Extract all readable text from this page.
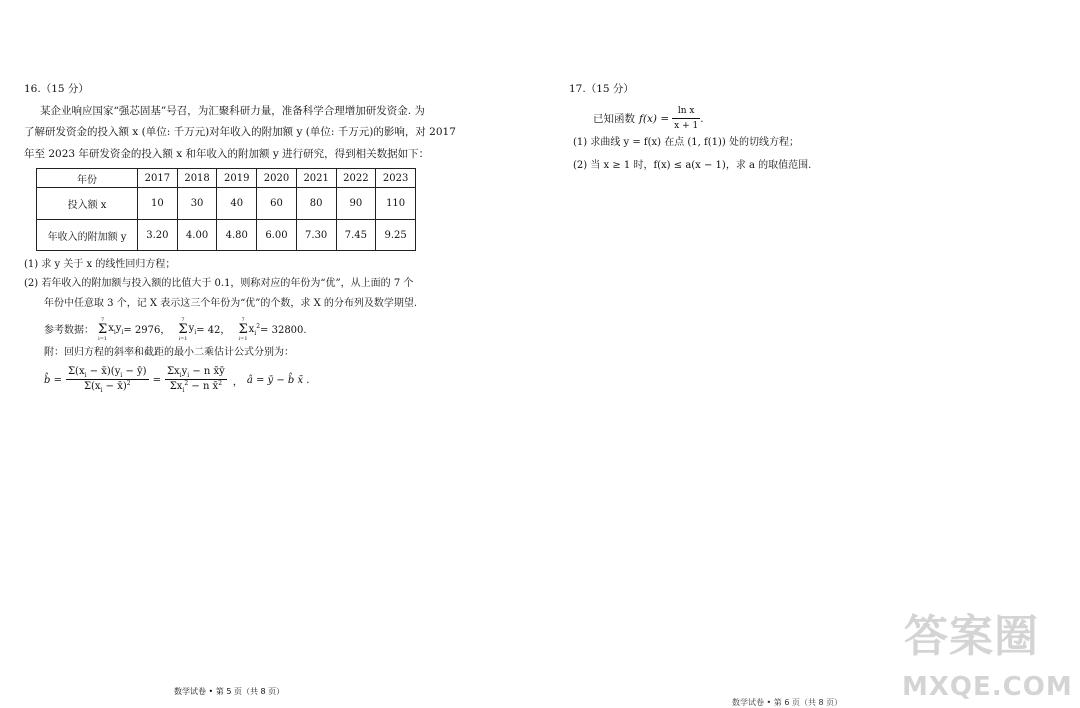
16.（15 分）
某企业响应国家“强芯固基”号召，为汇聚科研力量，准备科学合理增加研发资金. 为
了解研发资金的投入额 x (单位: 千万元)对年收入的附加额 y (单位: 千万元)的影响，对 2017
年至 2023 年研发资金的投入额 x 和年收入的附加额 y 进行研究，得到相关数据如下：
年份	2017	2018	2019	2020	2021	2022	2023
投入额 x	10	30	40	60	80	90	110
年收入的附加额 y	3.20	4.00	4.80	6.00	7.30	7.45	9.25
(1) 求 y 关于 x 的线性回归方程；
(2) 若年收入的附加额与投入额的比值大于 0.1，则称对应的年份为“优”，从上面的 7 个
年份中任意取 3 个，记 X 表示这三个年份为“优”的个数，求 X 的分布列及数学期望.
参考数据：
7
Σ
i=1
$x_iy_i = 2976$，
7
Σ
i=1
$y_i = 42$，
7
Σ
i=1
$x_i^2 = 32800$.
附：回归方程的斜率和截距的最小二乘估计公式分别为：
b̂ = $\frac{\Sigma(x_i - x̄)(y_i - ȳ)}{\Sigma(x_i - x̄)^2} = \frac{\Sigma x_iy_i - n x̄ȳ}{\Sigma x_i^2 - n x̄^2}$ ， â = ȳ − b̂ x̄ .
17.（15 分）
已知函数 $f(x) = \frac{\text{ln x}}{x + 1}$ .
(1) 求曲线 y = f(x) 在点 (1, f(1)) 处的切线方程；
(2) 当 x ≥ 1 时，f(x) ≤ a(x − 1)，求 a 的取值范围.
数学试卷 • 第 5 页（共 8 页）
数学试卷 • 第 6 页（共 8 页）
答案圈
MXQE.COM
